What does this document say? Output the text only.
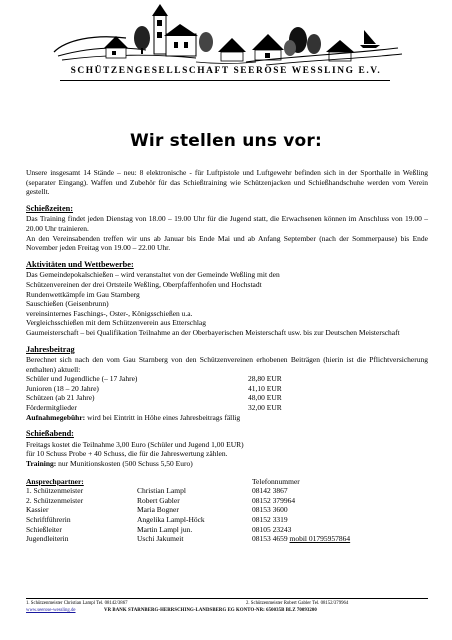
SCHÜTZENGESELLSCHAFT SEEROSE WESSLING E.V.
Wir stellen uns vor:

Unsere insgesamt 14 Stände – neu: 8 elektronische - für Luftpistole und Luftgewehr befinden sich in der Sporthalle in Weßling (separater Eingang). Waffen und Zubehör für das Schießtraining wie Schützenjacken und Schießhandschuhe werden vom Verein gestellt.

Schießzeiten:

Das Training findet jeden Dienstag von 18.00 – 19.00 Uhr für die Jugend statt, die Erwachsenen können im Anschluss von 19.00 – 20.00 Uhr trainieren.

An den Vereinsabenden treffen wir uns ab Januar bis Ende Mai und ab Anfang September (nach der Sommerpause) bis Ende November jeden Freitag von 19.00 – 22.00 Uhr.

Aktivitäten und Wettbewerbe:

Das Gemeindepokalschießen – wird veranstaltet von der Gemeinde Weßling mit den

Schützenvereinen der drei Ortsteile Weßling, Oberpfaffenhofen und Hochstadt

Rundenwettkämpfe im Gau Starnberg

Sauschießen (Geisenbrunn)

vereinsinternes Faschings-, Oster-, Königsschießen u.a.

Vergleichsschießen mit dem Schützenverein aus Etterschlag

Gaumeisterschaft – bei Qualifikation Teilnahme an der Oberbayerischen Meisterschaft usw. bis zur Deutschen Meisterschaft

Jahresbeitrag

Berechnet sich nach den vom Gau Starnberg von den Schützenvereinen erhobenen Beiträgen (hierin ist die Pflichtversicherung enthalten) aktuell:

Schüler und Jugendliche (– 17 Jahre)	28,80 EUR
Junioren (18 – 20 Jahre)	41,10 EUR
Schützen (ab 21 Jahre)	48,00 EUR
Fördermitglieder	32,00 EUR

Aufnahmegebühr: wird bei Eintritt in Höhe eines Jahresbeitrags fällig

Schießabend:

Freitags kostet die Teilnahme 3,00 Euro (Schüler und Jugend 1,00 EUR)

für 10 Schuss Probe + 40 Schuss, die für die Jahreswertung zählen.

Training: nur Munitionskosten (500 Schuss 5,50 Euro)

Ansprechpartner:		Telefonnummer
1. Schützenmeister	Christian Lampl	08142 3867
2. Schützenmeister	Robert Gabler	08152 379964
Kassier	Maria Bogner	08153 3600
Schriftführerin	Angelika Lampl-Höck	08152 3319
Schießleiter	Martin Lampl jun.	08105 23243
Jugendleiterin	Uschi Jakumeit	08153 4659 mobil 01795957864
1. Schützenmeister Christian Lampl Tel. 08142/3867	2. Schützenmeister Robert Gabler Tel. 08152/379964
www.seerose-wessling.de	VR BANK STARNBERG-HERRSCHING-LANDSBERG EG KONTO-NR: 650035B BLZ 70093200
